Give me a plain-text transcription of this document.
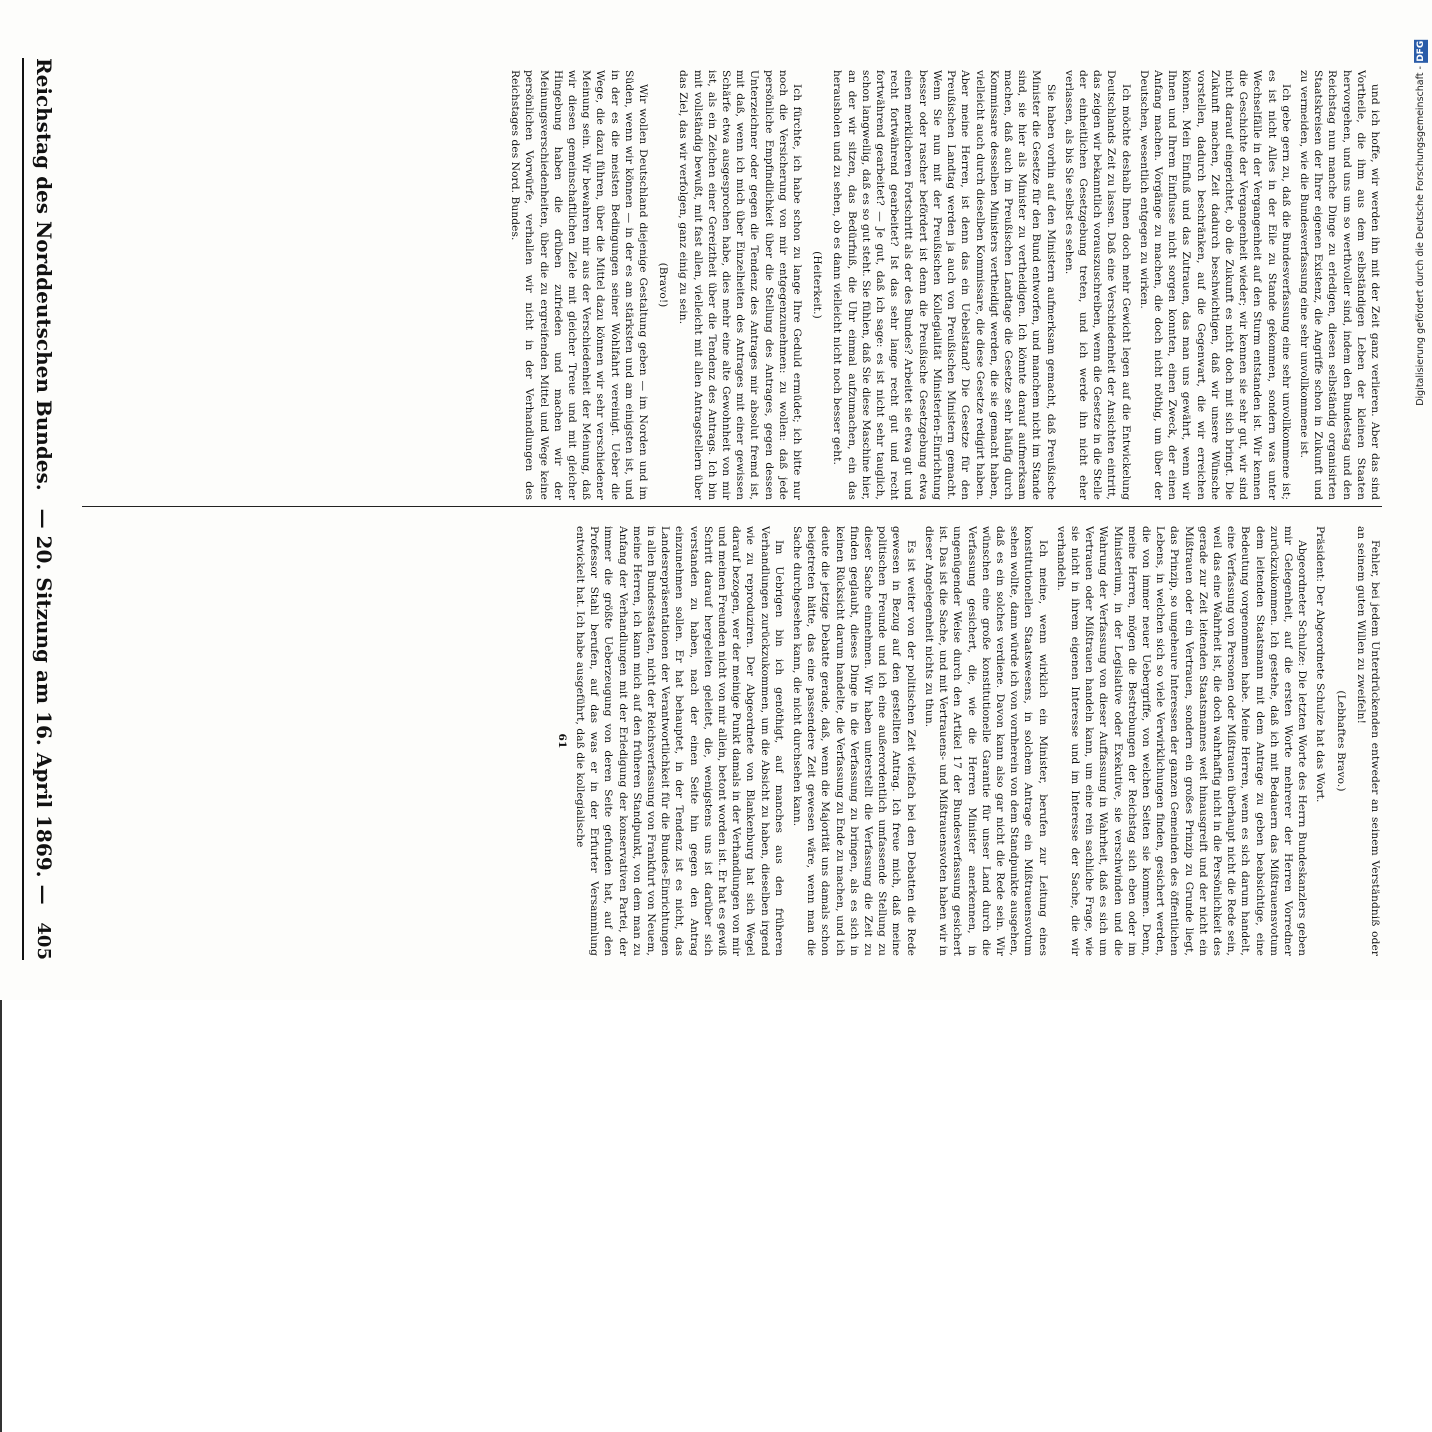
Reichstag des Norddeutschen Bundes.
— 20. Sitzung am 16. April 1869. —
405

und ich hoffe, wir werden ihn mit der Zeit ganz verlieren. Aber das sind Vortheile, die ihm aus dem selbständigen Leben der kleinen Staaten hervorgehen, und uns um so werthvoller sind, indem den Bundestag und den Reichstag nun manche Dinge zu erledigen, diesen selbständig organisirten Staatskreisen der Ihrer eigenen Existenz, die Angriffe schon in Zukunft und zu vermeiden, wie die Bundesverfassung eine sehr unvollkommene ist.

Ich gebe gern zu, daß die Bundesverfassung eine sehr unvollkommene ist; es ist nicht Alles in der Eile zu Stande gekommen, sondern was unter Wechselfälle in der Vergangenheit auf den Sturm entstanden ist. Wir kennen die Geschichte der Vergangenheit wieder; wir kennen sie sehr gut, wir sind nicht darauf eingerichtet, ob die Zukunft es nicht doch mit sich bringt. Die Zukunft machen, Zeit dadurch beschwichtigen, daß wir unsere Wünsche vorstellen, dadurch beschränken, auf die Gegenwart, die wir erreichen können. Mein Einfluß und das Zutrauen, das man uns gewährt, wenn wir Ihnen und Ihrem Einflusse nicht sorgen konnten, einen Zweck, der einen Anfang machen. Vorgänge zu machen, die doch nicht nöthig, um über der Deutschen, wesentlich entgegen zu wirken.

Ich möchte deshalb Ihnen doch mehr Gewicht legen auf die Entwickelung Deutschlands Zeit zu lassen. Daß eine Verschiedenheit der Ansichten eintritt, das zeigen wir bekanntlich vorauszuschreiben, wenn die Gesetze in die Stelle der einheitlichen Gesetzgebung treten, und ich werde ihn nicht eher verlassen, als bis Sie selbst es sehen.

Sie haben vorhin auf den Ministern aufmerksam gemacht, daß Preußische Minister die Gesetze für den Bund entworfen, und manchem nicht im Stande sind, sie hier als Minister zu vertheidigen. Ich könnte darauf aufmerksam machen, daß auch im Preußischen Landtage die Gesetze sehr häufig durch Kommissare desselben Ministers vertheidigt werden, die sie gemacht haben, vielleicht auch durch dieselben Kommissare, die diese Gesetze redigirt haben. Aber meine Herren, ist denn das ein Uebelstand? Die Gesetze für den Preußischen Landtag werden ja auch von Preußischen Ministern gemacht. Wenn Sie nun mit der Preußischen Kollegialität Ministerien-Einrichtung besser oder rascher befördert ist denn die Preußische Gesetzgebung etwa einen merklicheren Fortschritt als der des Bundes? Arbeitet sie etwa gut und recht fortwährend gearbeitet? Ist das sehr lange recht gut und recht fortwährend gearbeitet? — Je gut, daß ich sage: es ist nicht sehr tauglich, schon langweilig, daß es so gut steht. Sie fühlen, daß Sie diese Maschine hier, an der wir sitzen, das Bedürfniß, die Uhr einmal aufzumachen, ein das herausholen und zu sehen, ob es dann vielleicht nicht noch besser geht.

(Heiterkeit.)

Ich fürchte, ich habe schon zu lange Ihre Geduld ermüdet; ich bitte nur noch die Versicherung von mir entgegenzunehmen: zu wollen: daß jede persönliche Empfindlichkeit über die Stellung des Antrages, gegen dessen Unterzeichner oder gegen die Tendenz des Antrages mir absolut fremd ist, mit daß, wenn ich mich über Einzelheiten des Antrages mit einer gewissen Schärfe etwa ausgesprochen habe, dies mehr eine alte Gewohnheit von mir ist, als ein Zeichen einer Gereiztheit über die Tendenz des Antrags. Ich bin mit vollständig bewußt, mit fast allen, vielleicht mit allen Antragstellern über das Ziel, das wir verfolgen, ganz einig zu sein.

(Bravo!)

Wir wollen Deutschland diejenige Gestaltung geben — im Norden und im Süden, wenn wir können — in der es am stärksten und am einigsten ist, und in der es die meisten Bedingungen seiner Wohlfahrt vereinigt. Ueber die Wege, die dazu führen, über die Mittel dazu können wir sehr verschiedener Meinung sein. Wir bewahren mir aus der Verschiedenheit der Meinung, daß wir diesen gemeinschaftlichen Ziele mit gleicher Treue und mit gleicher Hingebung haben die drüben zufrieden und machen wir der Meinungsverschiedenheiten, über die zu ergreifenden Mittel und Wege keine persönlichen Vorwürfe, verhallen wir nicht in der Verhandlungen des Reichstages des Nord. Bundes.

Fehler, bei jedem Unterdrückenden entweder an seinem Verständniß oder an seinem guten Willen zu zweifeln!

(Lebhaftes Bravo.)

Präsident: Der Abgeordnete Schulze hat das Wort.

Abgeordneter Schulze: Die letzten Worte des Herrn Bundeskanzlers geben mir Gelegenheit, auf die ersten Worte mehrerer der Herren Vorredner zurückzukommen. Ich gestehe, daß ich mit Bedauern das Mißtrauensvotum dem leitenden Staatsmann mit dem Antrage zu geben beabsichtige, eine Bedeutung vorgenommen habe. Meine Herren, wenn es sich darum handelt, eine Verfassung von Personen oder Mißtrauen überhaupt nicht die Rede sein, weil das eine Wahrheit ist, die doch wahrhaftig nicht in die Persönlichkeit des gerade zur Zeit leitenden Staatsmannes weit hinausgreift und der nicht ein Mißtrauen oder ein Vertrauen, sondern ein großes Prinzip zu Grunde liegt, das Prinzip, so ungeheure Interessen der ganzen Gemeinden des öffentlichen Lebens, in welchen sich so viele Verwirklichungen finden, gesichert werden, die von immer neuer Uebergriffe, von welchen Seiten sie kommen. Denn, meine Herren, mögen die Bestrebungen der Reichstag sich eben oder im Ministerium, in der Legislative oder Exekutive, sie verschwinden und die Wahrung der Verfassung von dieser Auffassung in Wahrheit, daß es sich um Vertrauen oder Mißtrauen handeln kann, um eine rein sachliche Frage, wie sie nicht in ihrem eigenen Interesse und im Interesse der Sache, die wir verhandeln.

Ich meine, wenn wirklich ein Minister, berufen zur Leitung eines konstitutionellen Staatswesens, in solchem Antrage ein Mißtrauensvotum sehen wollte, dann würde ich von vornherein von dem Standpunkte ausgehen, daß es ein solches verdiene. Davon kann also gar nicht die Rede sein. Wir wünschen eine große konstitutionelle Garantie für unser Land durch die Verfassung gesichert, die, wie die Herren Minister anerkennen, in ungenügender Weise durch den Artikel 17 der Bundesverfassung gesichert ist. Das ist die Sache, und mit Vertrauens- und Mißtrauensvoten haben wir in dieser Angelegenheit nichts zu thun.

Es ist weiter von der politischen Zeit vielfach bei den Debatten die Rede gewesen in Bezug auf den gestellten Antrag. Ich freue mich, daß meine politischen Freunde und ich eine außerordentlich umfassende Stellung zu dieser Sache einnehmen. Wir haben unterstellt die Verfassung die Zeit zu finden geglaubt, dieses Dinge in die Verfassung zu bringen, als es sich in keinen Rücksicht darum handelte, die Verfassung zu Ende zu machen, und ich deute die jetzige Debatte gerade, daß, wenn die Majorität uns damals schon beigetreten hätte, das eine passendere Zeit gewesen wäre, wenn man die Sache durchgesehen kann, die nicht durchsehen kann.

Im Uebrigen bin ich genöthigt, auf manches aus den früheren Verhandlungen zurückzukommen, um die Absicht zu haben, dieselben irgend wie zu reproduziren. Der Abgeordnete von Blankenburg hat sich Wegel darauf bezogen, wer der meinige Punkt damals in der Verhandlungen von mir und meinen Freunden nicht von mir allein, betont worden ist. Er hat es gewiß Schritt darauf hergeleiten geleitet, die, wenigstens uns ist darüber sich verstanden zu haben, nach der einen Seite hin gegen den Antrag einzunehmen sollen. Er hat behauptet, in der Tendenz ist es nicht, das Landesrepräsentationen der Verantwortlichkeit für die Bundes-Einrichtungen in allen Bundesstaaten, nicht der Reichsverfassung von Frankfurt von Neuem, meine Herren, ich kann mich auf den früheren Standpunkt, von dem man zu Anfang der Verhandlungen mit der Erledigung der konservativen Partei, der immer die größte Ueberzeugung von deren Seite gefunden hat, auf den Professor Stahl berufen, auf das was er in der Erfurter Versammlung entwickelt hat. Ich habe ausgeführt, daß die kollegialische

61
Digitalisierung gefördert durch die Deutsche Forschungsgemeinschaft - DFG
